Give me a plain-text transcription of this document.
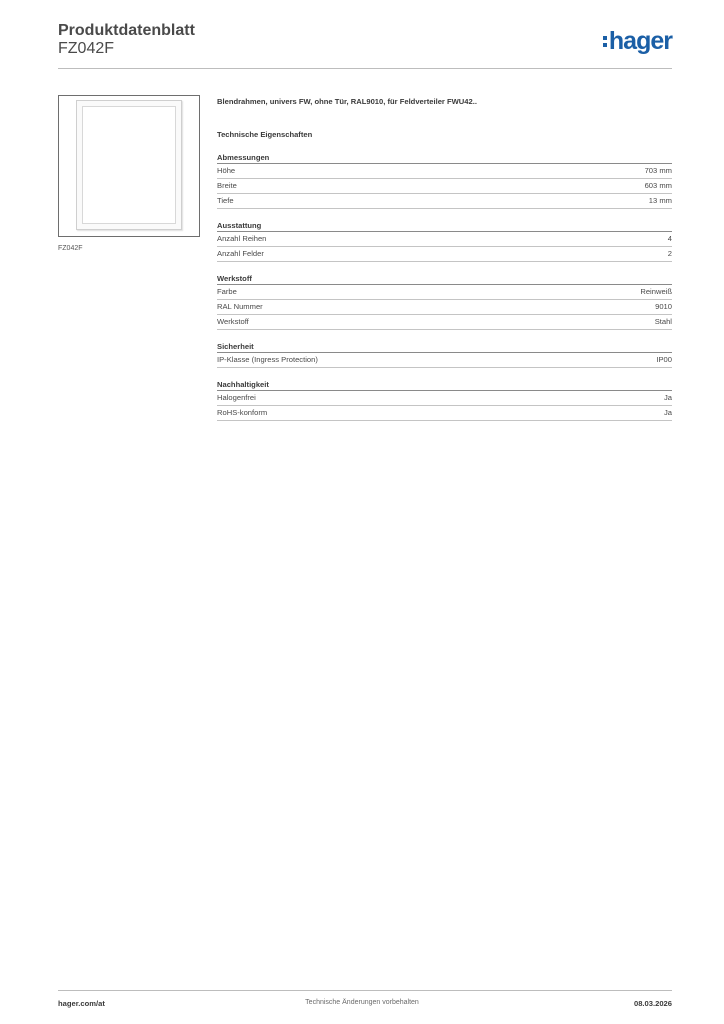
Produktdatenblatt
FZ042F	hager
FZ042F
Blendrahmen, univers FW, ohne Tür, RAL9010, für Feldverteiler FWU42..
Technische Eigenschaften
Abmessungen
Höhe	703 mm
Breite	603 mm
Tiefe	13 mm
Ausstattung
Anzahl Reihen	4
Anzahl Felder	2
Werkstoff
Farbe	Reinweiß
RAL Nummer	9010
Werkstoff	Stahl
Sicherheit
IP-Klasse (Ingress Protection)	IP00
Nachhaltigkeit
Halogenfrei	Ja
RoHS-konform	Ja
hager.com/at	Technische Änderungen vorbehalten	08.03.2026
